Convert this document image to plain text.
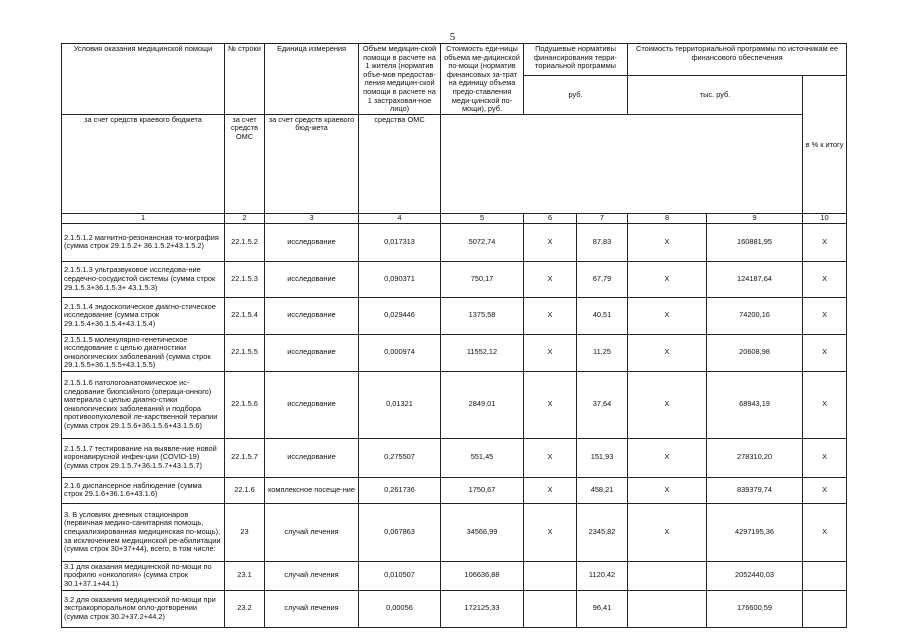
5
Условия оказания медицинской помощи	№ строки	Единица измерения	Объем медицин-ской помощи в расчете на 1 жителя (норматив объе-мов предостав-ления медицин-ской помощи в расчете на 1 застрахован-ное лицо)	Стоимость еди-ницы объема ме-дицинской по-мощи (норматив финансовых за-трат на единицу объема предо-ставления меди-цинской по-мощи), руб.	Подушевые нормативы финансирования терри-ториальной программы		Стоимость территориальной программы по источникам ее финансового обеспечения		

					руб.		тыс. руб.		в % к итогу
за счет средств краевого бюджета	за счет средств ОМС	за счет средств краевого бюд-жета	средства ОМС						
1	2	3	4	5	6	7	8	9	10
2.1.5.1.2 магнитно-резонансная то-мография (сумма строк 29.1.5.2+ 36.1.5.2+43.1.5.2)	22.1.5.2	исследование	0,017313	5072,74	X	87,83	X	160881,95	X
2.1.5.1.3 ультразвуковое исследова-ние сердечно-сосудистой системы (сумма строк 29.1.5.3+36.1.5.3+ 43.1.5.3)	22.1.5.3	исследование	0,090371	750,17	X	67,79	X	124187,64	X
2.1.5.1.4 эндоскопическое диагно-стическое исследование (сумма строк 29.1.5.4+36.1.5.4+43.1.5.4)	22.1.5.4	исследование	0,029446	1375,58	X	40,51	X	74200,16	X
2.1.5.1.5 молекулярно-генетическое исследование с целью диагностики онкологических заболеваний (сумма строк 29.1.5.5+36.1.5.5+43.1.5.5)	22.1.5.5	исследование	0,000974	11552,12	X	11,25	X	20608,98	X
2.1.5.1.6 патологоанатомическое ис-следование биопсийного (операци-онного) материала с целью диагно-стики онкологических заболеваний и подбора противоопухолевой ле-карственной терапии (сумма строк 29.1.5.6+36.1.5.6+43.1.5.6)	22.1.5.6	исследование	0,01321	2849,01	X	37,64	X	68943,19	X
2.1.5.1.7 тестирование на выявле-ние новой коронавирусной инфек-ции (COVID-19) (сумма строк 29.1.5.7+36.1.5.7+43.1.5.7)	22.1.5.7	исследование	0,275507	551,45	X	151,93	X	278310,20	X
2.1.6 диспансерное наблюдение (сумма строк 29.1.6+36.1.6+43.1.6)	22.1.6	комплексное посеще-ние	0,261736	1750,67	X	458,21	X	839379,74	X
3. В условиях дневных стационаров (первичная медико-санитарная помощь, специализированная медицинская по-мощь), за исключением медицинской ре-абилитации (сумма строк 30+37+44), всего, в том числе:	23	случай лечения	0,067863	34566,99	X	2345,82	X	4297195,36	X
3.1 для оказания медицинской по-мощи по профилю «онкология» (сумма строк 30.1+37.1+44.1)	23.1	случай лечения	0,010507	106636,88		1120,42		2052440,03	
3.2 для оказания медицинской по-мощи при экстракорпоральном опло-дотворении (сумма строк 30.2+37.2+44.2)	23.2	случай лечения	0,00056	172125,33		96,41		176600,59	
